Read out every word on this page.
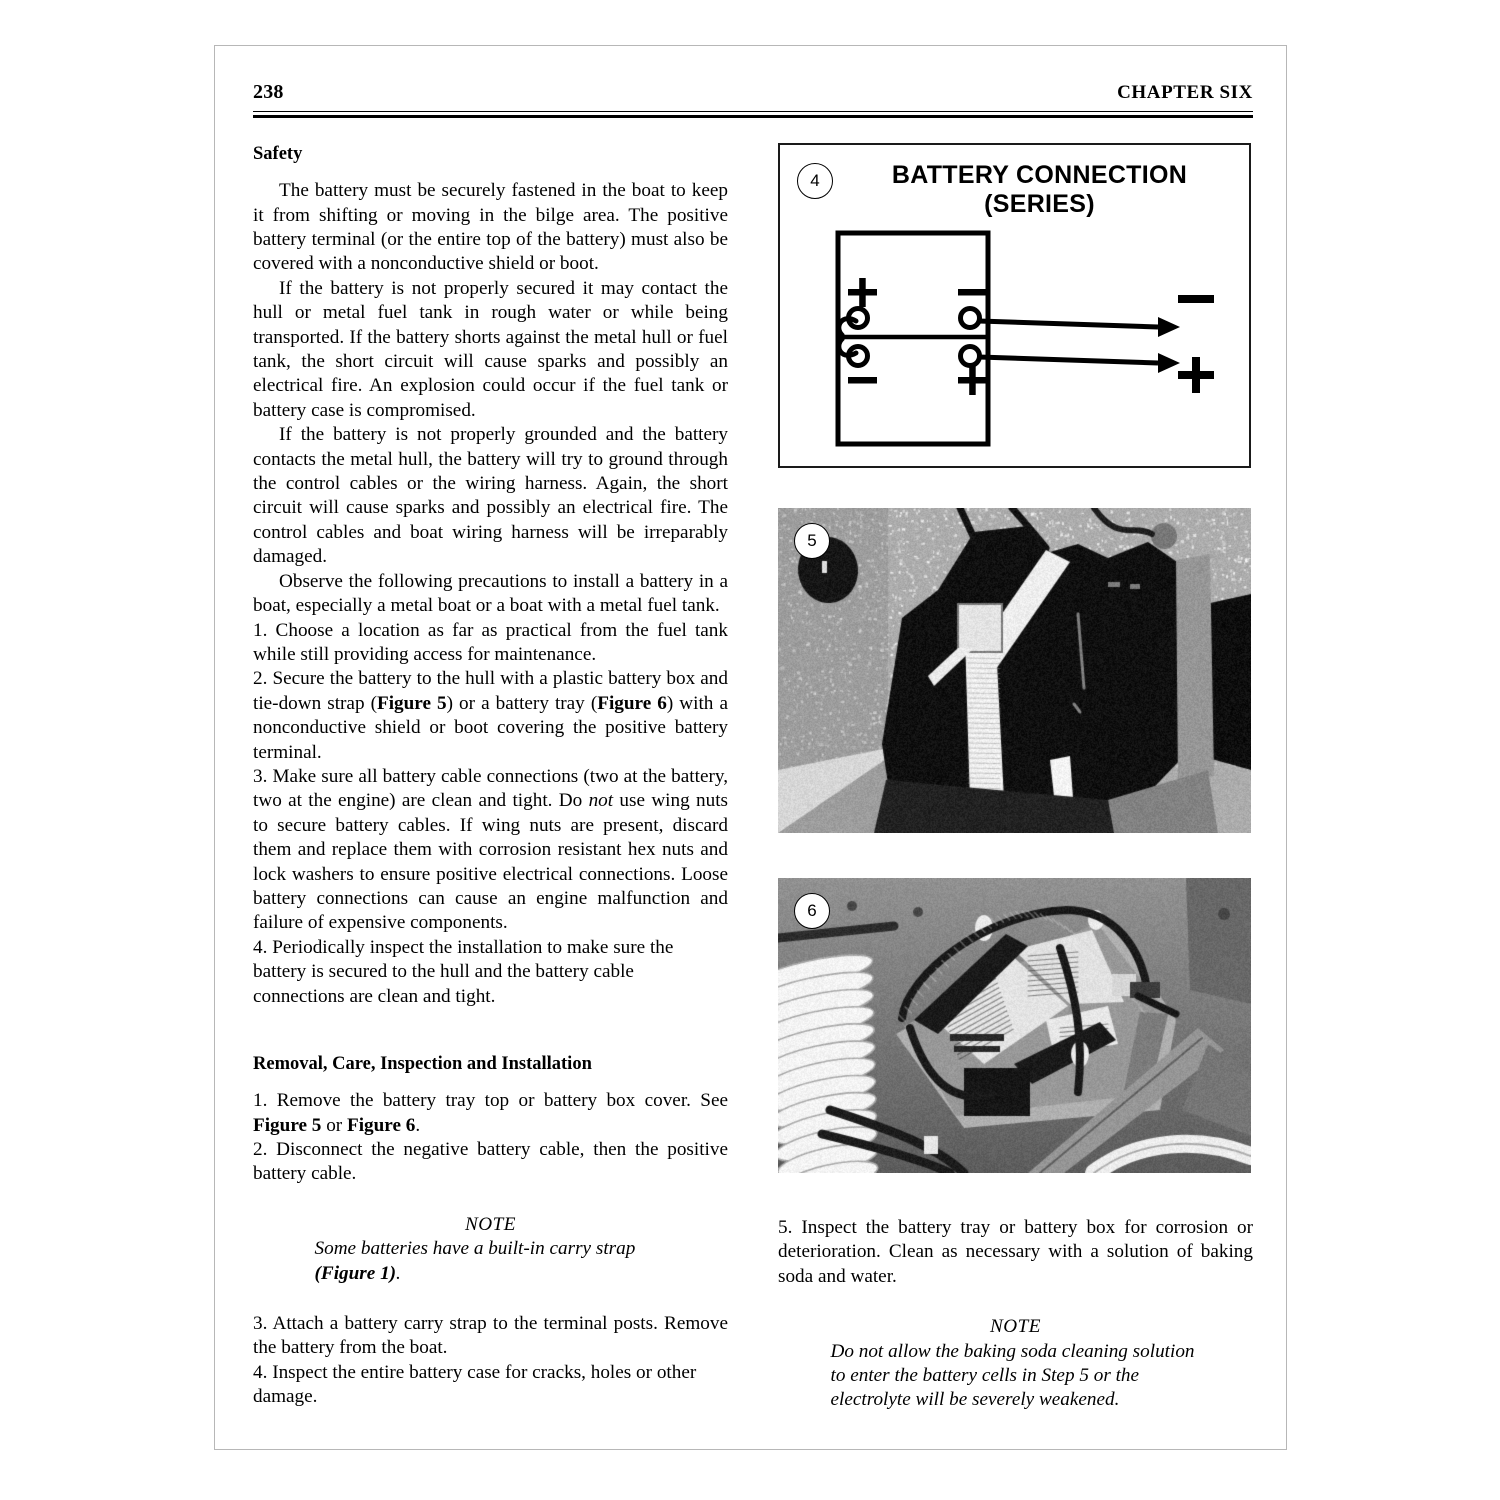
238	CHAPTER SIX
Safety

The battery must be securely fastened in the boat to keep it from shifting or moving in the bilge area. The positive battery terminal (or the entire top of the battery) must also be covered with a nonconductive shield or boot.

If the battery is not properly secured it may contact the hull or metal fuel tank in rough water or while being transported. If the battery shorts against the metal hull or fuel tank, the short circuit will cause sparks and possibly an electrical fire. An explosion could occur if the fuel tank or battery case is compromised.

If the battery is not properly grounded and the battery contacts the metal hull, the battery will try to ground through the control cables or the wiring harness. Again, the short circuit will cause sparks and possibly an electrical fire. The control cables and boat wiring harness will be irreparably damaged.

Observe the following precautions to install a battery in a boat, especially a metal boat or a boat with a metal fuel tank.

1. Choose a location as far as practical from the fuel tank while still providing access for maintenance.

2. Secure the battery to the hull with a plastic battery box and tie-down strap (Figure 5) or a battery tray (Figure 6) with a nonconductive shield or boot covering the positive battery terminal.

3. Make sure all battery cable connections (two at the battery, two at the engine) are clean and tight. Do not use wing nuts to secure battery cables. If wing nuts are present, discard them and replace them with corrosion resistant hex nuts and lock washers to ensure positive electrical connections. Loose battery connections can cause an engine malfunction and failure of expensive components.

4. Periodically inspect the installation to make sure the battery is secured to the hull and the battery cable connections are clean and tight.

Removal, Care, Inspection and Installation

1. Remove the battery tray top or battery box cover. See Figure 5 or Figure 6.

2. Disconnect the negative battery cable, then the positive battery cable.

NOTE
Some batteries have a built-in carry strap (Figure 1).

3. Attach a battery carry strap to the terminal posts. Remove the battery from the boat.

4. Inspect the entire battery case for cracks, holes or other damage.

4	BATTERY CONNECTION
(SERIES)
5
6

5. Inspect the battery tray or battery box for corrosion or deterioration. Clean as necessary with a solution of baking soda and water.

NOTE
Do not allow the baking soda cleaning solution to enter the battery cells in Step 5 or the electrolyte will be severely weakened.
